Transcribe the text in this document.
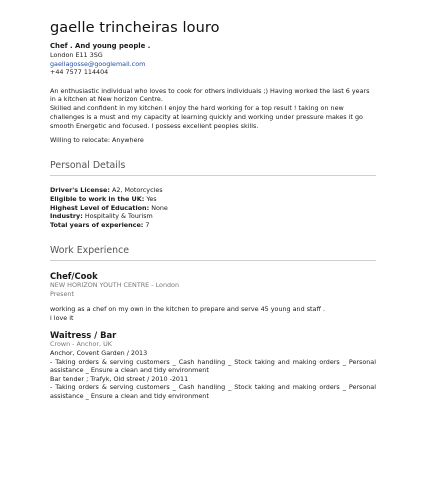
gaelle trincheiras louro
Chef . And young people .
London E11 3SG
gaellagosse@googlemail.com
+44 7577 114404

An enthusiastic individual who loves to cook for others individuals ;) Having worked the last 6 years in a kitchen at New horizon Centre.

Skilled and confident in my kitchen I enjoy the hard working for a top result ! taking on new challenges is a must and my capacity at learning quickly and working under pressure makes it go smooth Energetic and focused. I possess excellent peoples skills.

Willing to relocate: Anywhere
Personal Details
Driver's License: A2, Motorcycles
Eligible to work in the UK: Yes
Highest Level of Education: None
Industry: Hospitality & Tourism
Total years of experience: 7
Work Experience
Chef/Cook
NEW HORIZON YOUTH CENTRE - London
Present

working as a chef on my own in the kitchen to prepare and serve 45 young and staff .

i love it

Waitress / Bar
Crown - Anchor, UK

Anchor, Covent Garden / 2013

- Taking orders & serving customers _ Cash handling _ Stock taking and making orders _ Personal assistance _ Ensure a clean and tidy environment

Bar tender ; Trafyk, Old street / 2010 -2011

- Taking orders & serving customers _ Cash handling _ Stock taking and making orders _ Personal assistance _ Ensure a clean and tidy environment
